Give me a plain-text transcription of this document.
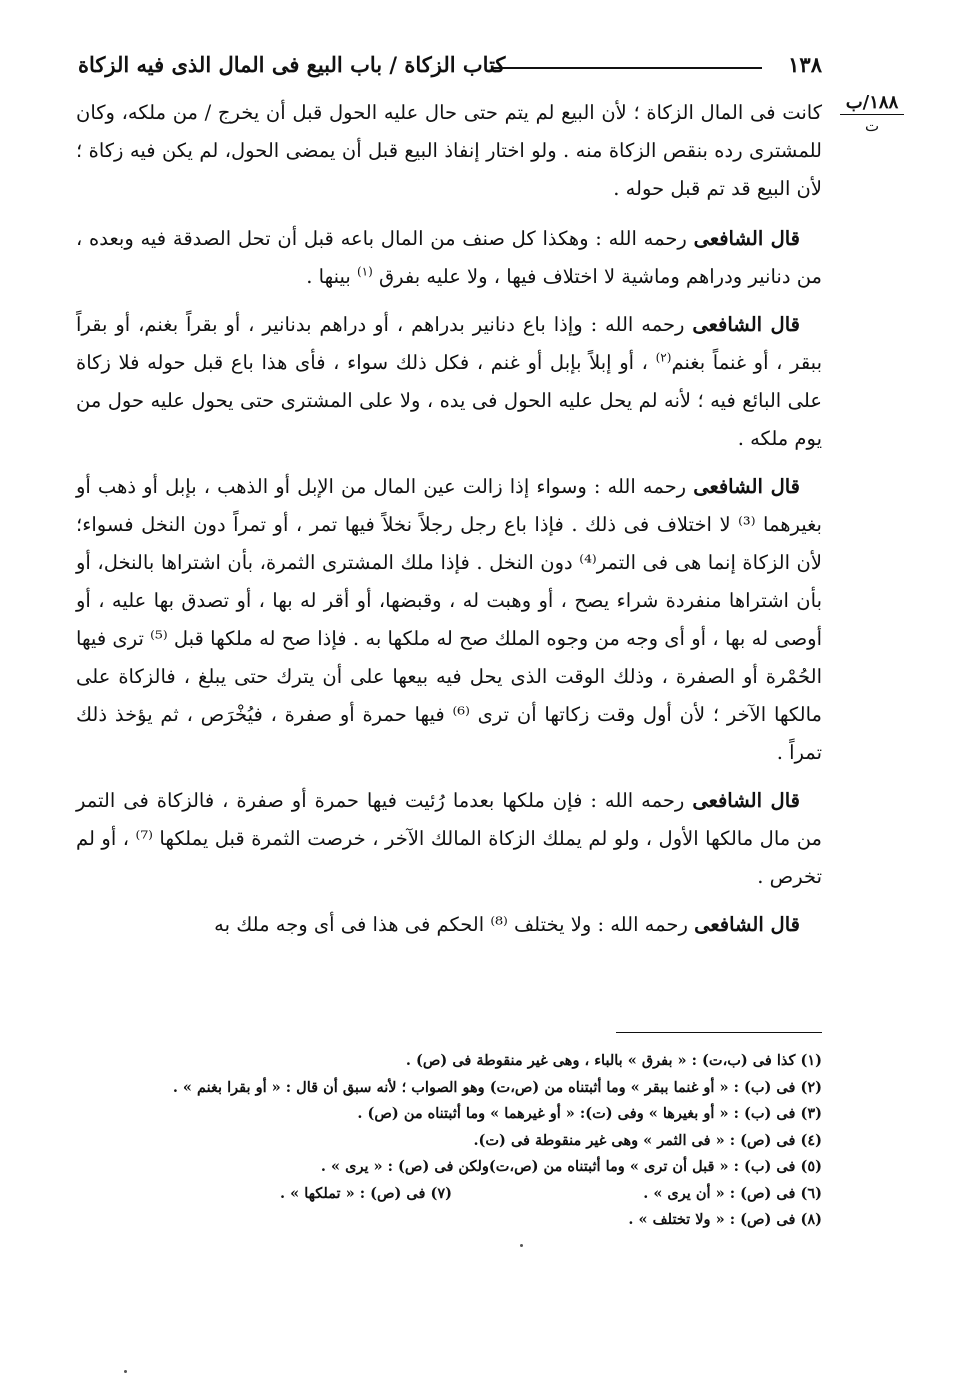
١٣٨
كتاب الزكاة / باب البيع فى المال الذى فيه الزكاة
١٨٨/ب
ت

كانت فى المال الزكاة ؛ لأن البيع لم يتم حتى حال عليه الحول قبل أن يخرج / من ملكه، وكان للمشترى رده بنقص الزكاة منه . ولو اختار إنفاذ البيع قبل أن يمضى الحول، لم يكن فيه زكاة ؛ لأن البيع قد تم قبل حوله .

قال الشافعى رحمه الله : وهكذا كل صنف من المال باعه قبل أن تحل الصدقة فيه وبعده ، من دنانير ودراهم وماشية لا اختلاف فيها ، ولا عليه بفرق $^{(١)}$ بينها .

قال الشافعى رحمه الله : وإذا باع دنانير بدراهم ، أو دراهم بدنانير ، أو بقراً بغنم، أو بقراً ببقر ، أو غنماً بغنم$^{(٢)}$ ، أو إبلاً بإبل أو غنم ، فكل ذلك سواء ، فأى هذا باع قبل حوله فلا زكاة على البائع فيه ؛ لأنه لم يحل عليه الحول فى يده ، ولا على المشترى حتى يحول عليه حول من يوم ملكه .

قال الشافعى رحمه الله : وسواء إذا زالت عين المال من الإبل أو الذهب ، بإبل أو ذهب أو بغيرهما ⁽³⁾ لا اختلاف فى ذلك . فإذا باع رجل رجلاً نخلاً فيها تمر ، أو تمراً دون النخل فسواء؛ لأن الزكاة إنما هى فى التمر⁽⁴⁾ دون النخل . فإذا ملك المشترى الثمرة، بأن اشتراها بالنخل، أو بأن اشتراها منفردة شراء يصح ، أو وهبت له ، وقبضها، أو أقر له بها ، أو تصدق بها عليه ، أو أوصى له بها ، أو أى وجه من وجوه الملك صح له ملكها به . فإذا صح له ملكها قبل ⁽⁵⁾ ترى فيها الحُمْرة أو الصفرة ، وذلك الوقت الذى يحل فيه بيعها على أن يترك حتى يبلغ ، فالزكاة على مالكها الآخر ؛ لأن أول وقت زكاتها أن ترى ⁽⁶⁾ فيها حمرة أو صفرة ، فيُخْرَص ، ثم يؤخذ ذلك تمراً .

قال الشافعى رحمه الله : فإن ملكها بعدما رُئيت فيها حمرة أو صفرة ، فالزكاة فى التمر من مال مالكها الأول ، ولو لم يملك الزكاة المالك الآخر ، خرصت الثمرة قبل يملكها ⁽⁷⁾ ، أو لم تخرص .

قال الشافعى رحمه الله : ولا يختلف ⁽⁸⁾ الحكم فى هذا فى أى وجه ملك به

(١) كذا فى (ب،ت) : « بفرق » بالباء ، وهى غير منقوطة فى (ص) .

(٢) فى (ب) : « أو غنما ببقر » وما أثبتناه من (ص،ت) وهو الصواب ؛ لأنه سبق أن قال : « أو بقرا بغنم » .

(٣) فى (ب) : « أو بغيرها » وفى (ت): « أو غيرهما » وما أثبتناه من (ص) .

(٤) فى (ص) : « فى الثمر » وهى غير منقوطة فى (ت).

(٥) فى (ب) : « قبل أن ترى » وما أثبتناه من (ص،ت)ولكن فى (ص) : « يرى » .

(٦) فى (ص) : « أن يرى » .
(٧) فى (ص) : « تملكها » .

(٨) فى (ص) : « ولا تختلف » .
